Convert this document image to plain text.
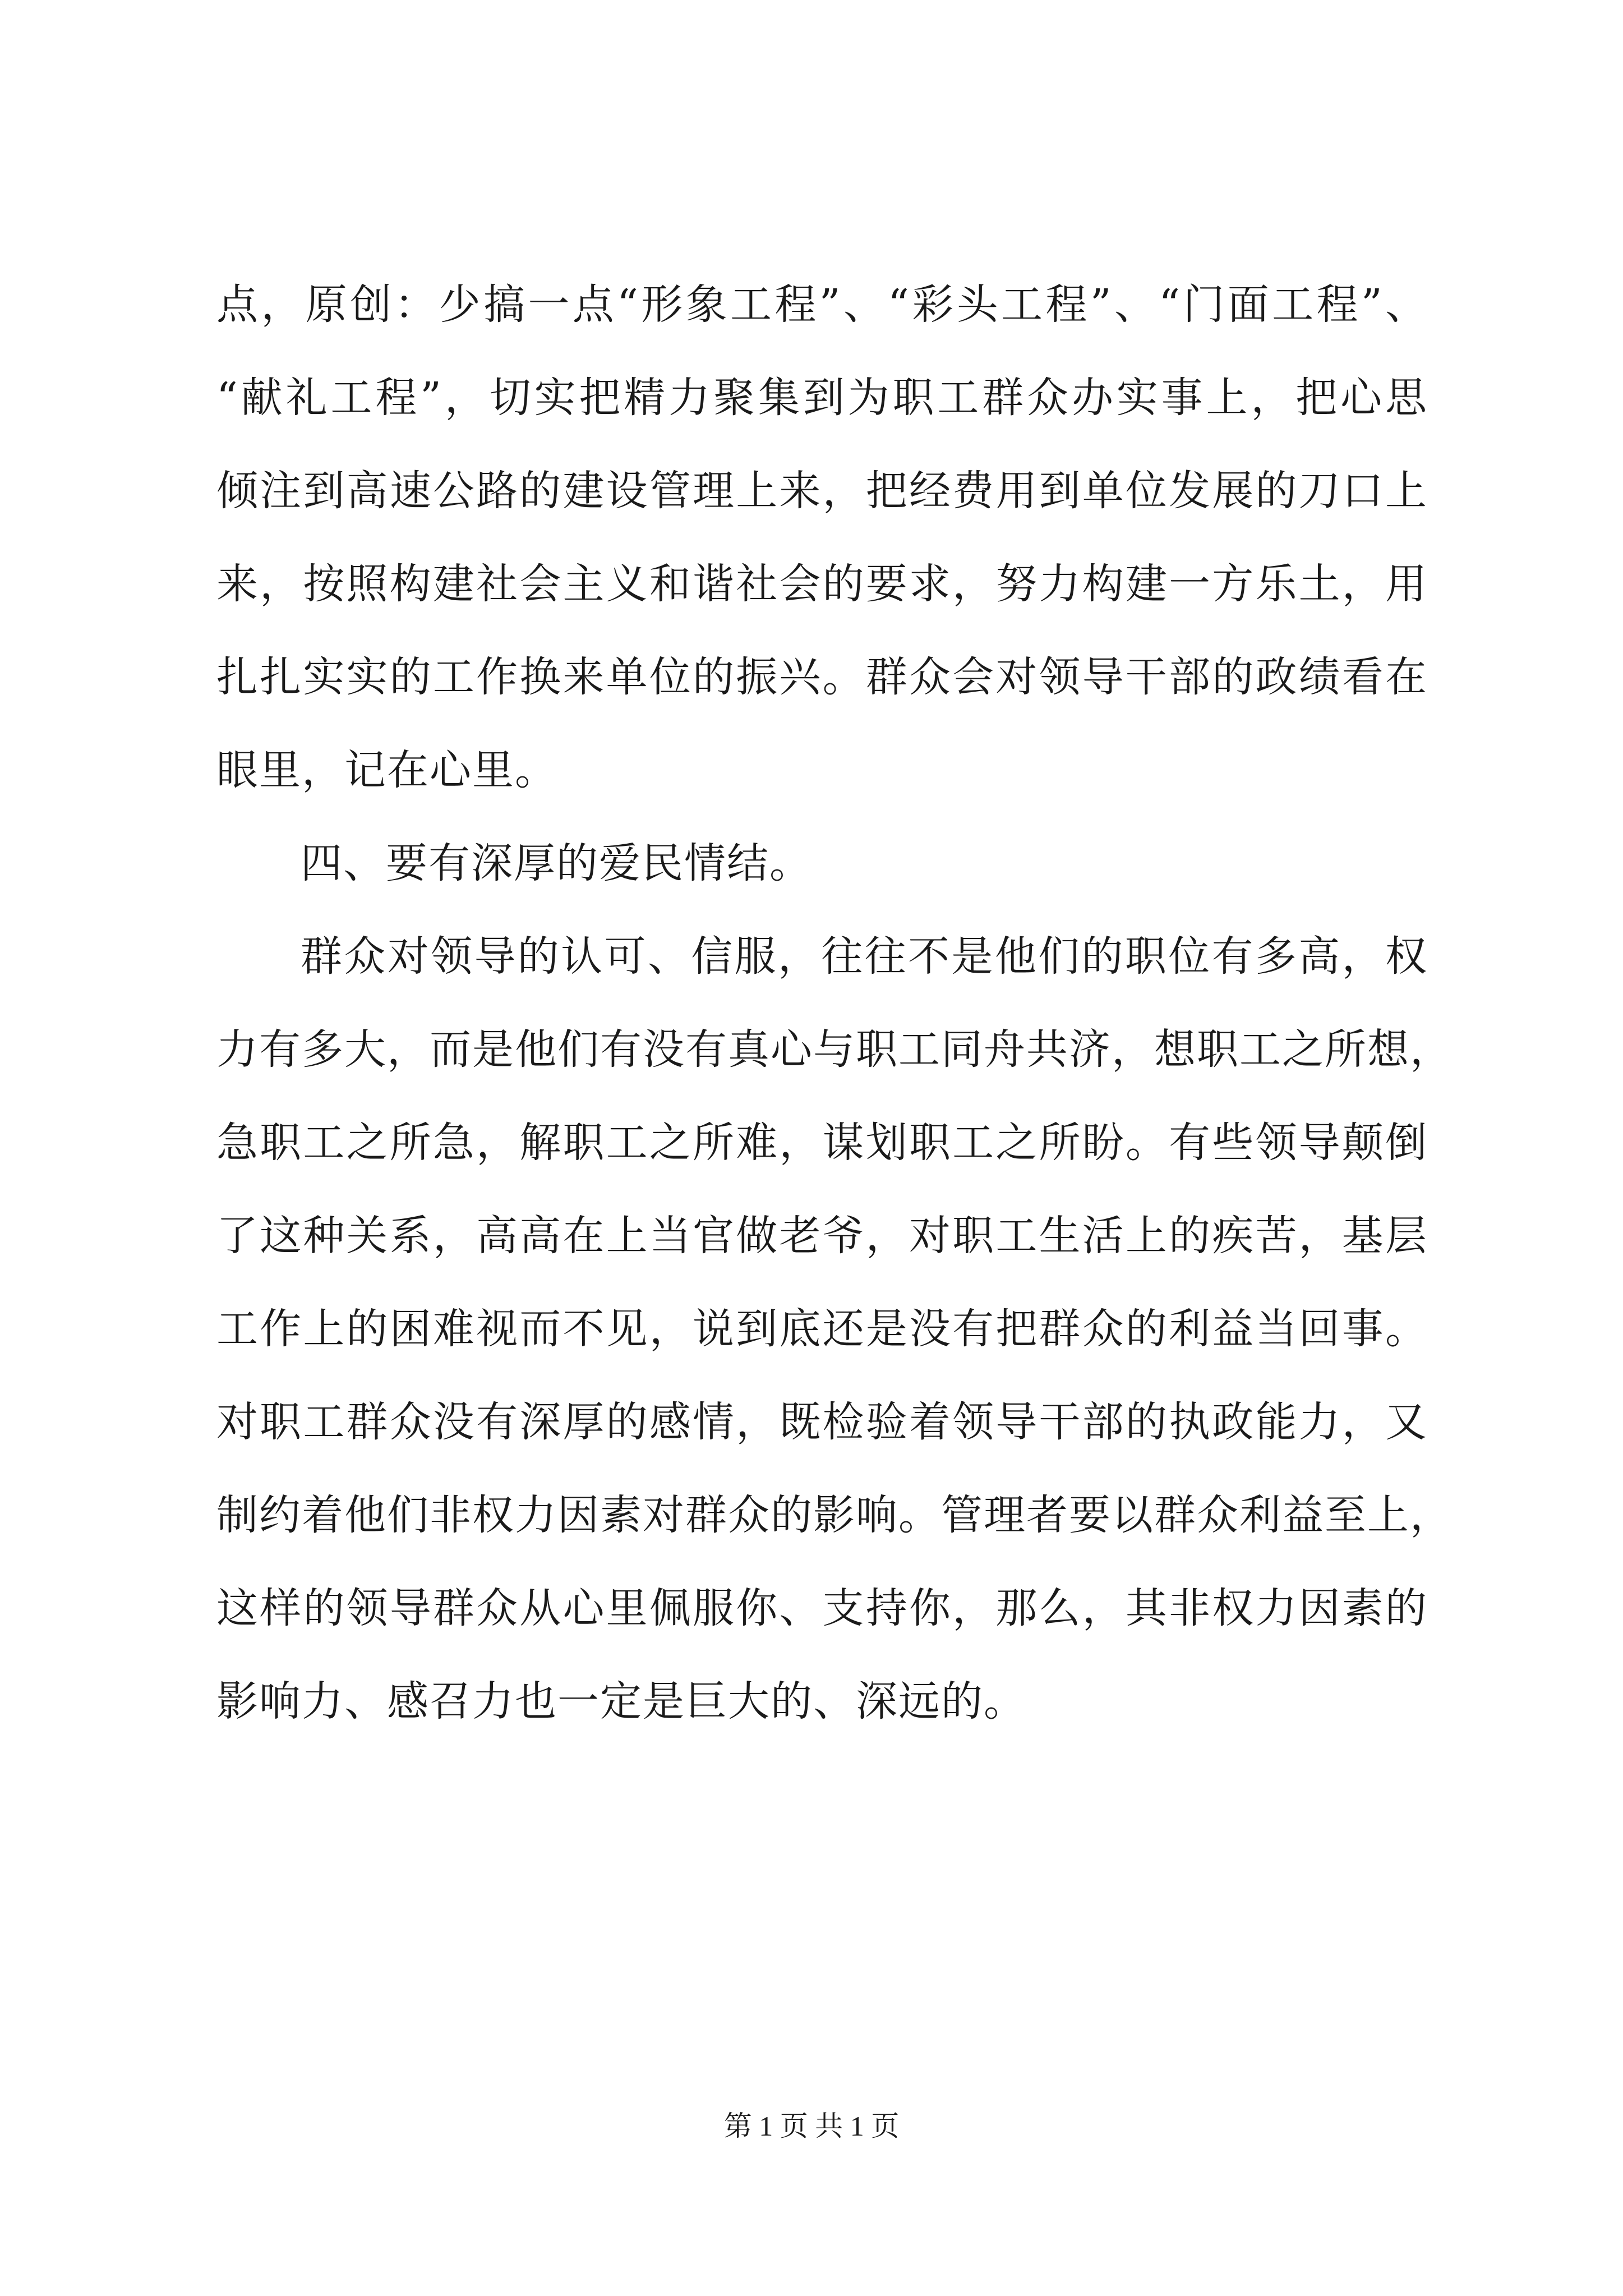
点，原创：少搞一点“形象工程”、“彩头工程”、“门面工程”、
“献礼工程”，切实把精力聚集到为职工群众办实事上，把心思
倾注到高速公路的建设管理上来，把经费用到单位发展的刀口上
来，按照构建社会主义和谐社会的要求，努力构建一方乐土，用
扎扎实实的工作换来单位的振兴。群众会对领导干部的政绩看在
眼里，记在心里。
四、要有深厚的爱民情结。
群众对领导的认可、信服，往往不是他们的职位有多高，权
力有多大，而是他们有没有真心与职工同舟共济，想职工之所想，
急职工之所急，解职工之所难，谋划职工之所盼。有些领导颠倒
了这种关系，高高在上当官做老爷，对职工生活上的疾苦，基层
工作上的困难视而不见，说到底还是没有把群众的利益当回事。
对职工群众没有深厚的感情，既检验着领导干部的执政能力，又
制约着他们非权力因素对群众的影响。管理者要以群众利益至上，
这样的领导群众从心里佩服你、支持你，那么，其非权力因素的
影响力、感召力也一定是巨大的、深远的。
第 1 页 共 1 页
